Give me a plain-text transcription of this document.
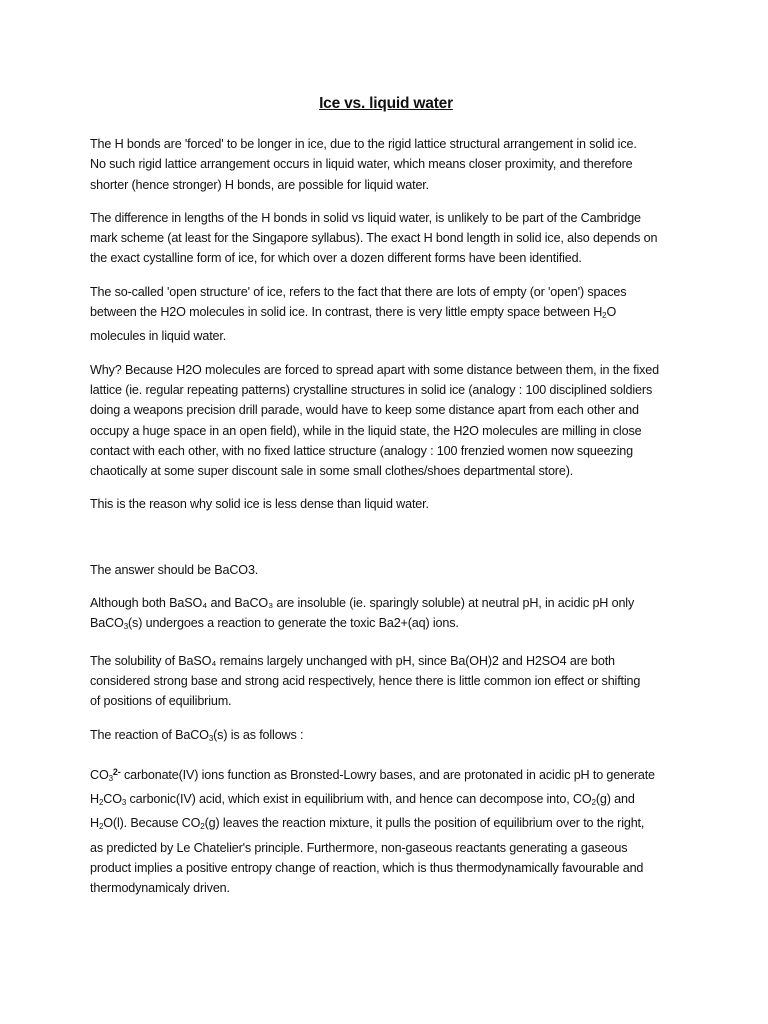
Ice vs. liquid water
The H bonds are 'forced' to be longer in ice, due to the rigid lattice structural arrangement in solid ice.
No such rigid lattice arrangement occurs in liquid water, which means closer proximity, and therefore
shorter (hence stronger) H bonds, are possible for liquid water.
The difference in lengths of the H bonds in solid vs liquid water, is unlikely to be part of the Cambridge
mark scheme (at least for the Singapore syllabus). The exact H bond length in solid ice, also depends on
the exact cystalline form of ice, for which over a dozen different forms have been identified.
The so-called 'open structure' of ice, refers to the fact that there are lots of empty (or 'open') spaces
between the H2O molecules in solid ice. In contrast, there is very little empty space between $H_2O$
molecules in liquid water.
Why? Because H2O molecules are forced to spread apart with some distance between them, in the fixed
lattice (ie. regular repeating patterns) crystalline structures in solid ice (analogy : 100 disciplined soldiers
doing a weapons precision drill parade, would have to keep some distance apart from each other and
occupy a huge space in an open field), while in the liquid state, the H2O molecules are milling in close
contact with each other, with no fixed lattice structure (analogy : 100 frenzied women now squeezing
chaotically at some super discount sale in some small clothes/shoes departmental store).
This is the reason why solid ice is less dense than liquid water.
The answer should be BaCO3.
Although both BaSO₄ and BaCO₃ are insoluble (ie. sparingly soluble) at neutral pH, in acidic pH only
BaCO$_3$(s) undergoes a reaction to generate the toxic Ba2+(aq) ions.
The solubility of BaSO₄ remains largely unchanged with pH, since Ba(OH)2 and H2SO4 are both
considered strong base and strong acid respectively, hence there is little common ion effect or shifting
of positions of equilibrium.
The reaction of BaCO$_3$(s) is as follows :
$CO_3^{2-}$ carbonate(IV) ions function as Bronsted-Lowry bases, and are protonated in acidic pH to generate
$H_2CO_3$ carbonic(IV) acid, which exist in equilibrium with, and hence can decompose into, $CO_2(g)$ and
$H_2O(l)$. Because $CO_2(g)$ leaves the reaction mixture, it pulls the position of equilibrium over to the right,
as predicted by Le Chatelier's principle. Furthermore, non-gaseous reactants generating a gaseous
product implies a positive entropy change of reaction, which is thus thermodynamically favourable and
thermodynamicaly driven.
